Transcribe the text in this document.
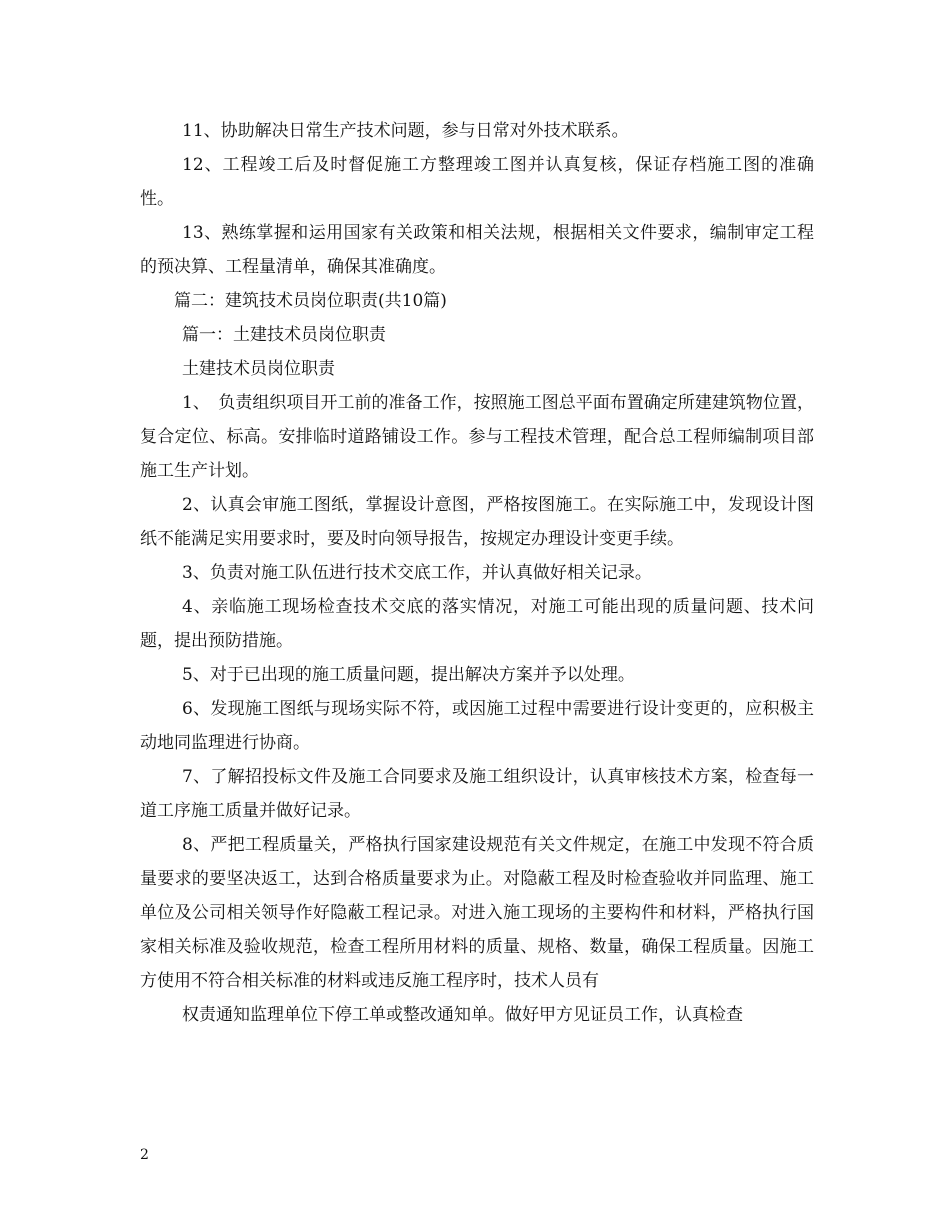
11、协助解决日常生产技术问题，参与日常对外技术联系。

12、工程竣工后及时督促施工方整理竣工图并认真复核，保证存档施工图的准确性。

13、熟练掌握和运用国家有关政策和相关法规，根据相关文件要求，编制审定工程的预决算、工程量清单，确保其准确度。

篇二：建筑技术员岗位职责(共10篇)

篇一：土建技术员岗位职责

土建技术员岗位职责

1、　负责组织项目开工前的准备工作，按照施工图总平面布置确定所建建筑物位置，复合定位、标高。安排临时道路铺设工作。参与工程技术管理，配合总工程师编制项目部施工生产计划。

2、认真会审施工图纸，掌握设计意图，严格按图施工。在实际施工中，发现设计图纸不能满足实用要求时，要及时向领导报告，按规定办理设计变更手续。

3、负责对施工队伍进行技术交底工作，并认真做好相关记录。

4、亲临施工现场检查技术交底的落实情况，对施工可能出现的质量问题、技术问题，提出预防措施。

5、对于已出现的施工质量问题，提出解决方案并予以处理。

6、发现施工图纸与现场实际不符，或因施工过程中需要进行设计变更的，应积极主动地同监理进行协商。

7、了解招投标文件及施工合同要求及施工组织设计，认真审核技术方案，检查每一道工序施工质量并做好记录。

8、严把工程质量关，严格执行国家建设规范有关文件规定，在施工中发现不符合质量要求的要坚决返工，达到合格质量要求为止。对隐蔽工程及时检查验收并同监理、施工单位及公司相关领导作好隐蔽工程记录。对进入施工现场的主要构件和材料，严格执行国家相关标准及验收规范，检查工程所用材料的质量、规格、数量，确保工程质量。因施工方使用不符合相关标准的材料或违反施工程序时，技术人员有

权责通知监理单位下停工单或整改通知单。做好甲方见证员工作，认真检查

2
